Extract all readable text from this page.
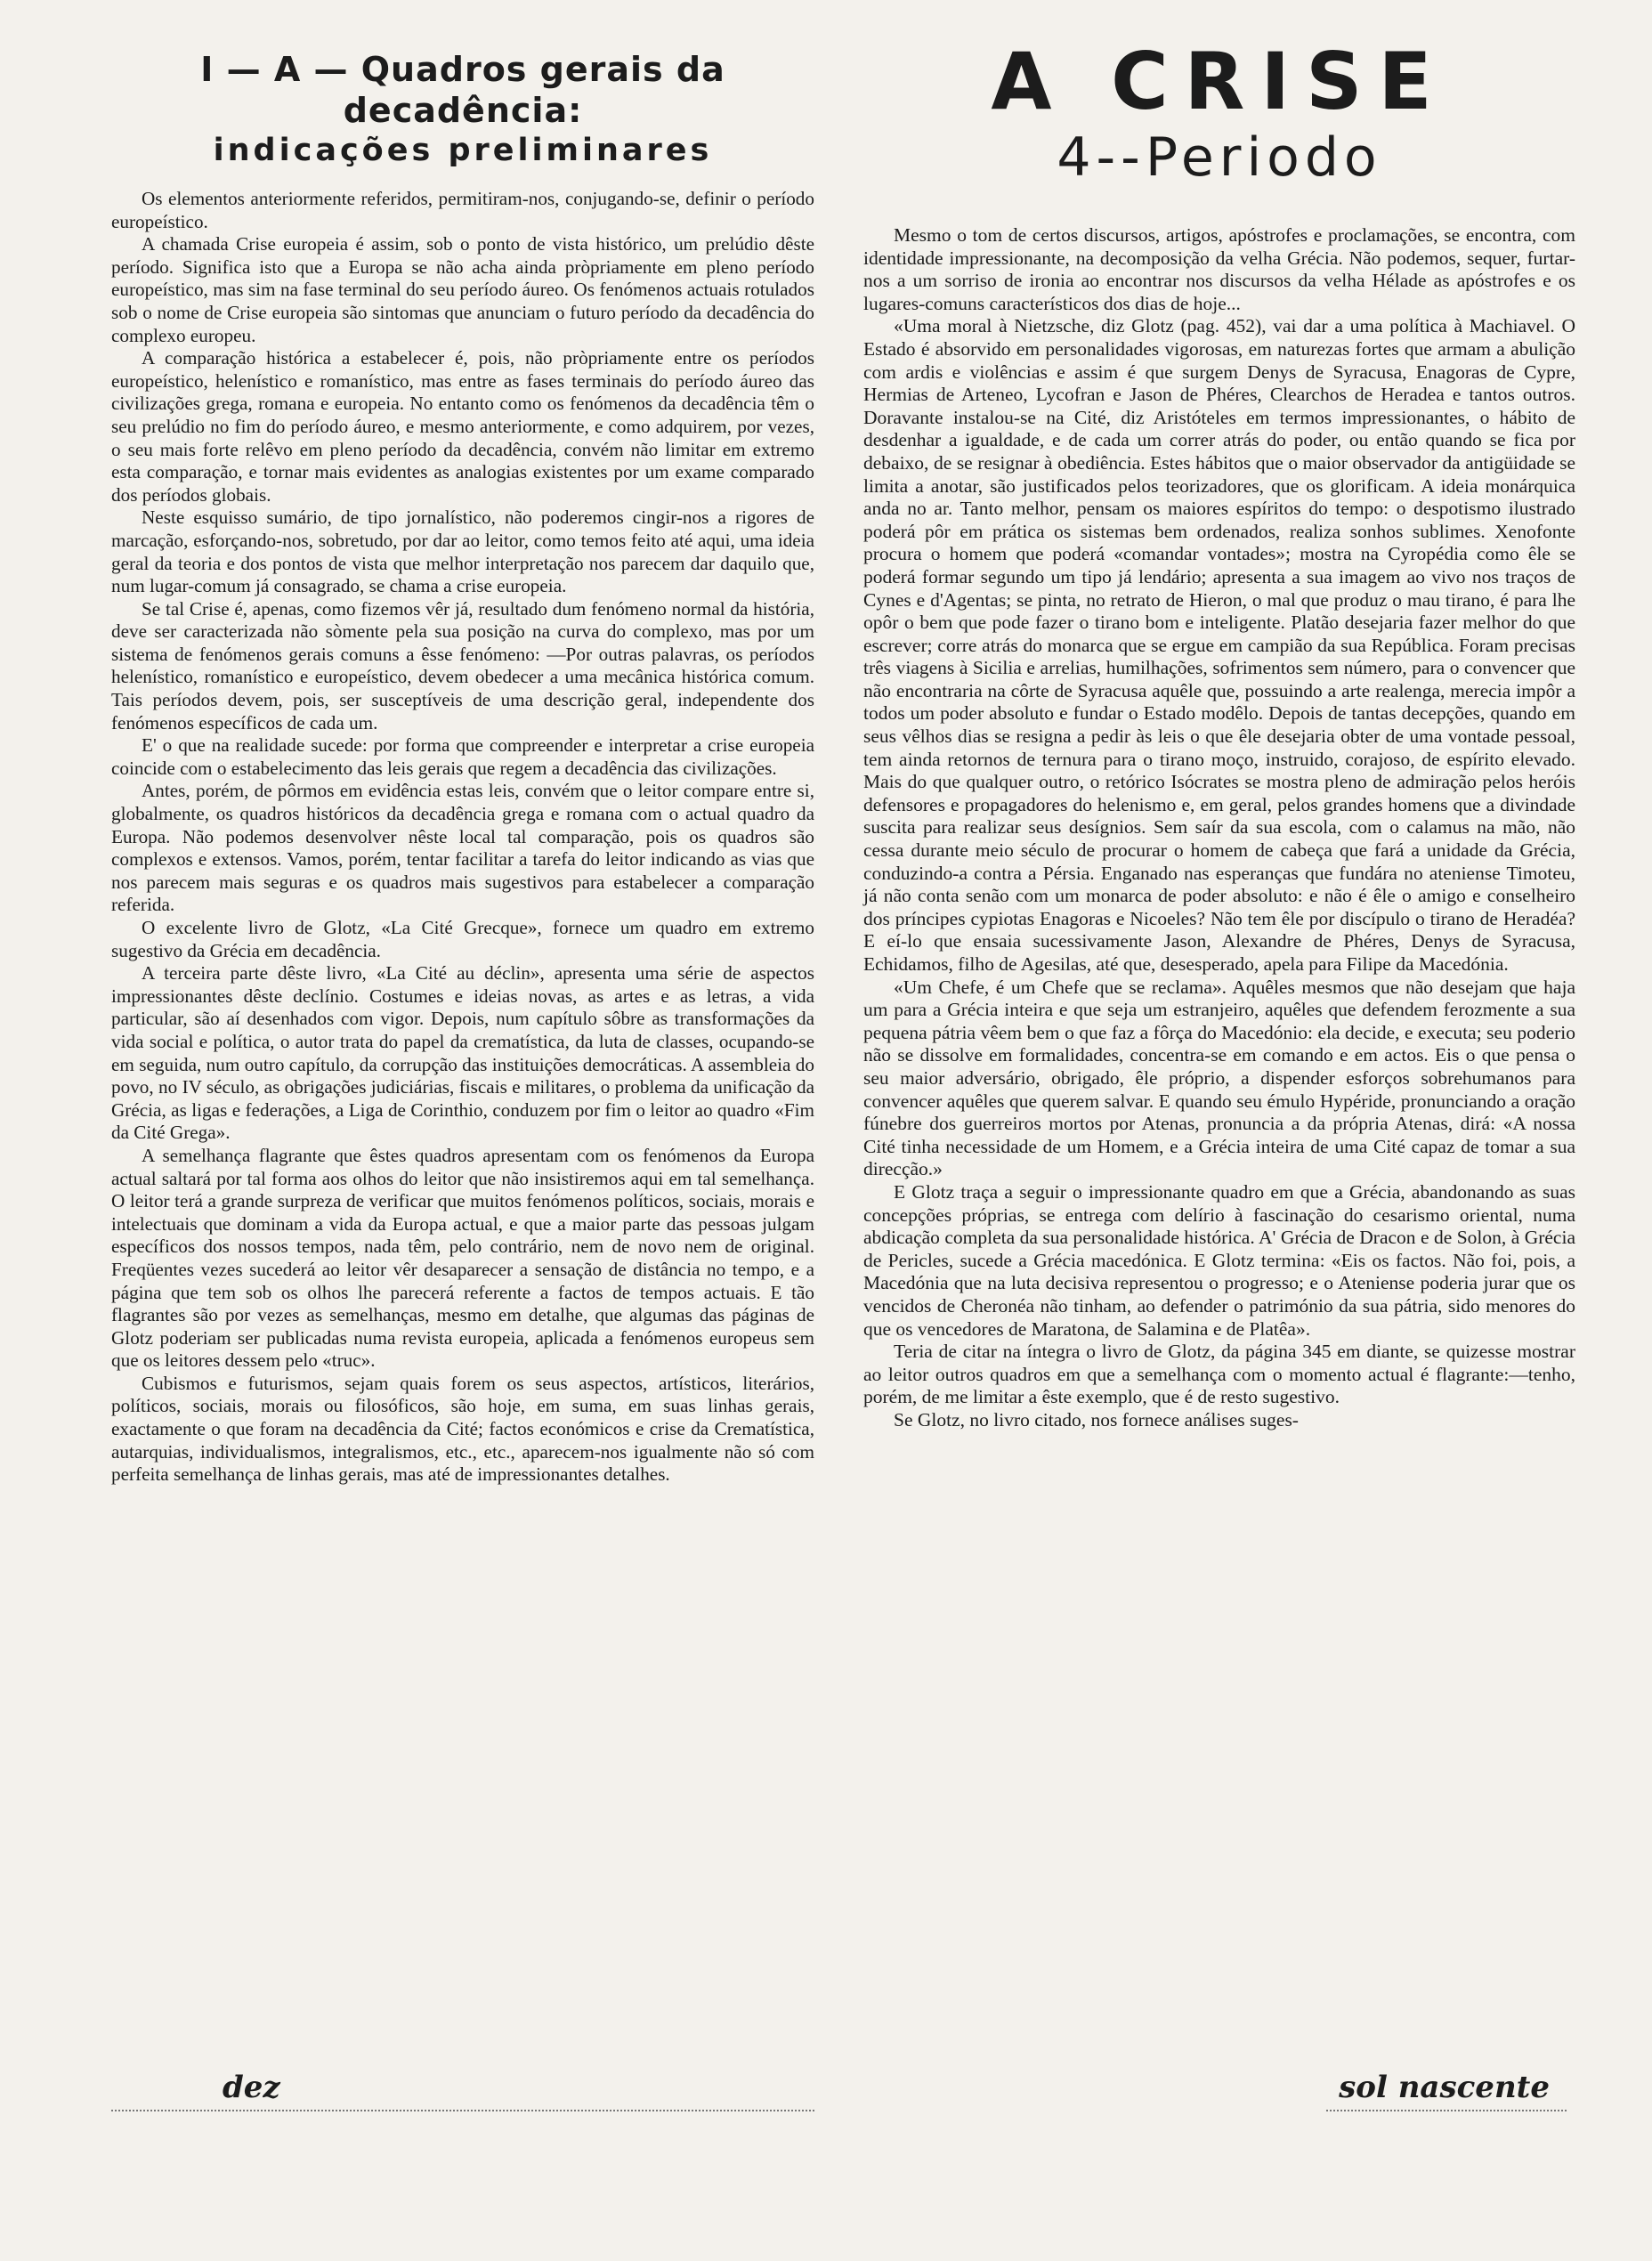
I — A — Quadros gerais da decadência:
indicações preliminares

Os elementos anteriormente referidos, permitiram-nos, conjugando-se, definir o período europeístico.

A chamada Crise europeia é assim, sob o ponto de vista histórico, um prelúdio dêste período. Significa isto que a Europa se não acha ainda pròpriamente em pleno período europeístico, mas sim na fase terminal do seu período áureo. Os fenómenos actuais rotulados sob o nome de Crise europeia são sintomas que anunciam o futuro período da decadência do complexo europeu.

A comparação histórica a estabelecer é, pois, não pròpriamente entre os períodos europeístico, helenístico e romanístico, mas entre as fases terminais do período áureo das civilizações grega, romana e europeia. No entanto como os fenómenos da decadência têm o seu prelúdio no fim do período áureo, e mesmo anteriormente, e como adquirem, por vezes, o seu mais forte relêvo em pleno período da decadência, convém não limitar em extremo esta comparação, e tornar mais evidentes as analogias existentes por um exame comparado dos períodos globais.

Neste esquisso sumário, de tipo jornalístico, não poderemos cingir-nos a rigores de marcação, esforçando-nos, sobretudo, por dar ao leitor, como temos feito até aqui, uma ideia geral da teoria e dos pontos de vista que melhor interpretação nos parecem dar daquilo que, num lugar-comum já consagrado, se chama a crise europeia.

Se tal Crise é, apenas, como fizemos vêr já, resultado dum fenómeno normal da história, deve ser caracterizada não sòmente pela sua posição na curva do complexo, mas por um sistema de fenómenos gerais comuns a êsse fenómeno: —Por outras palavras, os períodos helenístico, romanístico e europeístico, devem obedecer a uma mecânica histórica comum. Tais períodos devem, pois, ser susceptíveis de uma descrição geral, independente dos fenómenos específicos de cada um.

E' o que na realidade sucede: por forma que compreender e interpretar a crise europeia coincide com o estabelecimento das leis gerais que regem a decadência das civilizações.

Antes, porém, de pôrmos em evidência estas leis, convém que o leitor compare entre si, globalmente, os quadros históricos da decadência grega e romana com o actual quadro da Europa. Não podemos desenvolver nêste local tal comparação, pois os quadros são complexos e extensos. Vamos, porém, tentar facilitar a tarefa do leitor indicando as vias que nos parecem mais seguras e os quadros mais sugestivos para estabelecer a comparação referida.

O excelente livro de Glotz, «La Cité Grecque», fornece um quadro em extremo sugestivo da Grécia em decadência.

A terceira parte dêste livro, «La Cité au déclin», apresenta uma série de aspectos impressionantes dêste declínio. Costumes e ideias novas, as artes e as letras, a vida particular, são aí desenhados com vigor. Depois, num capítulo sôbre as transformações da vida social e política, o autor trata do papel da crematística, da luta de classes, ocupando-se em seguida, num outro capítulo, da corrupção das instituições democráticas. A assembleia do povo, no IV século, as obrigações judiciárias, fiscais e militares, o problema da unificação da Grécia, as ligas e federações, a Liga de Corinthio, conduzem por fim o leitor ao quadro «Fim da Cité Grega».

A semelhança flagrante que êstes quadros apresentam com os fenómenos da Europa actual saltará por tal forma aos olhos do leitor que não insistiremos aqui em tal semelhança. O leitor terá a grande surpreza de verificar que muitos fenómenos políticos, sociais, morais e intelectuais que dominam a vida da Europa actual, e que a maior parte das pessoas julgam específicos dos nossos tempos, nada têm, pelo contrário, nem de novo nem de original. Freqüentes vezes sucederá ao leitor vêr desaparecer a sensação de distância no tempo, e a página que tem sob os olhos lhe parecerá referente a factos de tempos actuais. E tão flagrantes são por vezes as semelhanças, mesmo em detalhe, que algumas das páginas de Glotz poderiam ser publicadas numa revista europeia, aplicada a fenómenos europeus sem que os leitores dessem pelo «truc».

Cubismos e futurismos, sejam quais forem os seus aspectos, artísticos, literários, políticos, sociais, morais ou filosóficos, são hoje, em suma, em suas linhas gerais, exactamente o que foram na decadência da Cité; factos económicos e crise da Crematística, autarquias, individualismos, integralismos, etc., etc., aparecem-nos igualmente não só com perfeita semelhança de linhas gerais, mas até de impressionantes detalhes.

A CRISE
4--Periodo

Mesmo o tom de certos discursos, artigos, apóstrofes e proclamações, se encontra, com identidade impressionante, na decomposição da velha Grécia. Não podemos, sequer, furtar-nos a um sorriso de ironia ao encontrar nos discursos da velha Hélade as apóstrofes e os lugares-comuns característicos dos dias de hoje...

«Uma moral à Nietzsche, diz Glotz (pag. 452), vai dar a uma política à Machiavel. O Estado é absorvido em personalidades vigorosas, em naturezas fortes que armam a abulição com ardis e violências e assim é que surgem Denys de Syracusa, Enagoras de Cypre, Hermias de Arteneo, Lycofran e Jason de Phéres, Clearchos de Heradea e tantos outros. Doravante instalou-se na Cité, diz Aristóteles em termos impressionantes, o hábito de desdenhar a igualdade, e de cada um correr atrás do poder, ou então quando se fica por debaixo, de se resignar à obediência. Estes hábitos que o maior observador da antigüidade se limita a anotar, são justificados pelos teorizadores, que os glorificam. A ideia monárquica anda no ar. Tanto melhor, pensam os maiores espíritos do tempo: o despotismo ilustrado poderá pôr em prática os sistemas bem ordenados, realiza sonhos sublimes. Xenofonte procura o homem que poderá «comandar vontades»; mostra na Cyropédia como êle se poderá formar segundo um tipo já lendário; apresenta a sua imagem ao vivo nos traços de Cynes e d'Agentas; se pinta, no retrato de Hieron, o mal que produz o mau tirano, é para lhe opôr o bem que pode fazer o tirano bom e inteligente. Platão desejaria fazer melhor do que escrever; corre atrás do monarca que se ergue em campião da sua República. Foram precisas três viagens à Sicilia e arrelias, humilhações, sofrimentos sem número, para o convencer que não encontraria na côrte de Syracusa aquêle que, possuindo a arte realenga, merecia impôr a todos um poder absoluto e fundar o Estado modêlo. Depois de tantas decepções, quando em seus vêlhos dias se resigna a pedir às leis o que êle desejaria obter de uma vontade pessoal, tem ainda retornos de ternura para o tirano moço, instruido, corajoso, de espírito elevado. Mais do que qualquer outro, o retórico Isócrates se mostra pleno de admiração pelos heróis defensores e propagadores do helenismo e, em geral, pelos grandes homens que a divindade suscita para realizar seus desígnios. Sem saír da sua escola, com o calamus na mão, não cessa durante meio século de procurar o homem de cabeça que fará a unidade da Grécia, conduzindo-a contra a Pérsia. Enganado nas esperanças que fundára no ateniense Timoteu, já não conta senão com um monarca de poder absoluto: e não é êle o amigo e conselheiro dos príncipes cypiotas Enagoras e Nicoeles? Não tem êle por discípulo o tirano de Heradéa? E eí-lo que ensaia sucessivamente Jason, Alexandre de Phéres, Denys de Syracusa, Echidamos, filho de Agesilas, até que, desesperado, apela para Filipe da Macedónia.

«Um Chefe, é um Chefe que se reclama». Aquêles mesmos que não desejam que haja um para a Grécia inteira e que seja um estranjeiro, aquêles que defendem ferozmente a sua pequena pátria vêem bem o que faz a fôrça do Macedónio: ela decide, e executa; seu poderio não se dissolve em formalidades, concentra-se em comando e em actos. Eis o que pensa o seu maior adversário, obrigado, êle próprio, a dispender esforços sobrehumanos para convencer aquêles que querem salvar. E quando seu émulo Hypéride, pronunciando a oração fúnebre dos guerreiros mortos por Atenas, pronuncia a da própria Atenas, dirá: «A nossa Cité tinha necessidade de um Homem, e a Grécia inteira de uma Cité capaz de tomar a sua direcção.»

E Glotz traça a seguir o impressionante quadro em que a Grécia, abandonando as suas concepções próprias, se entrega com delírio à fascinação do cesarismo oriental, numa abdicação completa da sua personalidade histórica. A' Grécia de Dracon e de Solon, à Grécia de Pericles, sucede a Grécia macedónica. E Glotz termina: «Eis os factos. Não foi, pois, a Macedónia que na luta decisiva representou o progresso; e o Ateniense poderia jurar que os vencidos de Cheronéa não tinham, ao defender o património da sua pátria, sido menores do que os vencedores de Maratona, de Salamina e de Platêa».

Teria de citar na íntegra o livro de Glotz, da página 345 em diante, se quizesse mostrar ao leitor outros quadros em que a semelhança com o momento actual é flagrante:—tenho, porém, de me limitar a êste exemplo, que é de resto sugestivo.

Se Glotz, no livro citado, nos fornece análises suges-

dez	sol nascente
